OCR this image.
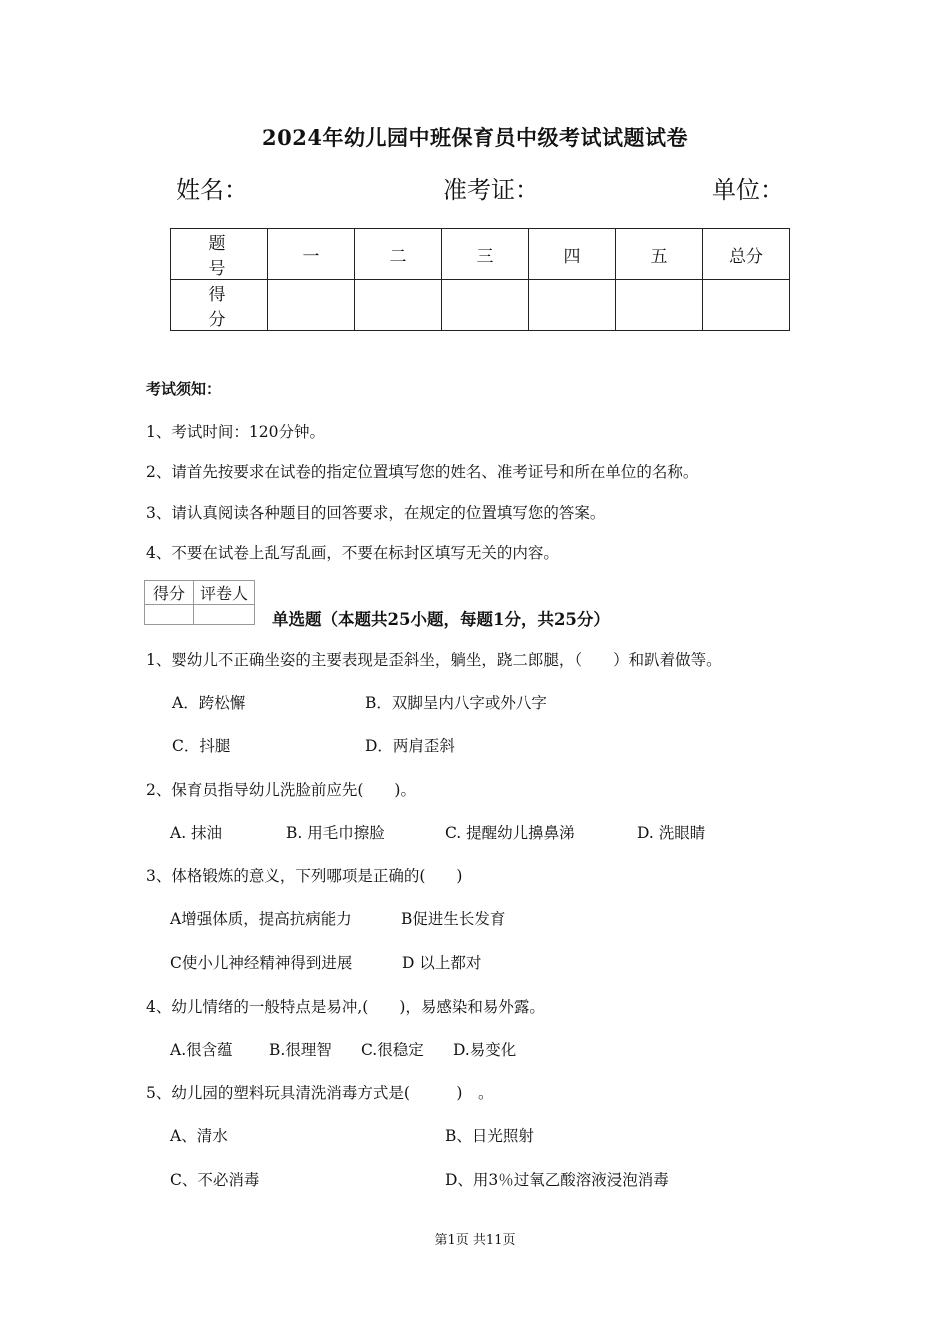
2024年幼儿园中班保育员中级考试试题试卷
姓名：	准考证：	单位：
题　号	一	二	三	四	五	总分
得　分						
考试须知：
1、考试时间：120分钟。
2、请首先按要求在试卷的指定位置填写您的姓名、准考证号和所在单位的名称。
3、请认真阅读各种题目的回答要求，在规定的位置填写您的答案。
4、不要在试卷上乱写乱画，不要在标封区填写无关的内容。
得分	评卷人

单选题（本题共25小题，每题1分，共25分）
1、婴幼儿不正确坐姿的主要表现是歪斜坐，躺坐，跷二郎腿，（　　）和趴着做等。
A．跨松懈	B．双脚呈内八字或外八字
C．抖腿	D．两肩歪斜
2、保育员指导幼儿洗脸前应先(　　)。
A. 抹油	B. 用毛巾擦脸	C. 提醒幼儿擤鼻涕	D. 洗眼睛
3、体格锻炼的意义，下列哪项是正确的(　　)
A增强体质，提高抗病能力	B促进生长发育
C使小儿神经精神得到进展	D 以上都对
4、幼儿情绪的一般特点是易冲,(　　)，易感染和易外露。
A.很含蕴 B.很理智 C.很稳定 D.易变化
5、幼儿园的塑料玩具清洗消毒方式是(　　　)　。
A、清水	B、日光照射
C、不必消毒	D、用3％过氧乙酸溶液浸泡消毒
第1页 共11页
